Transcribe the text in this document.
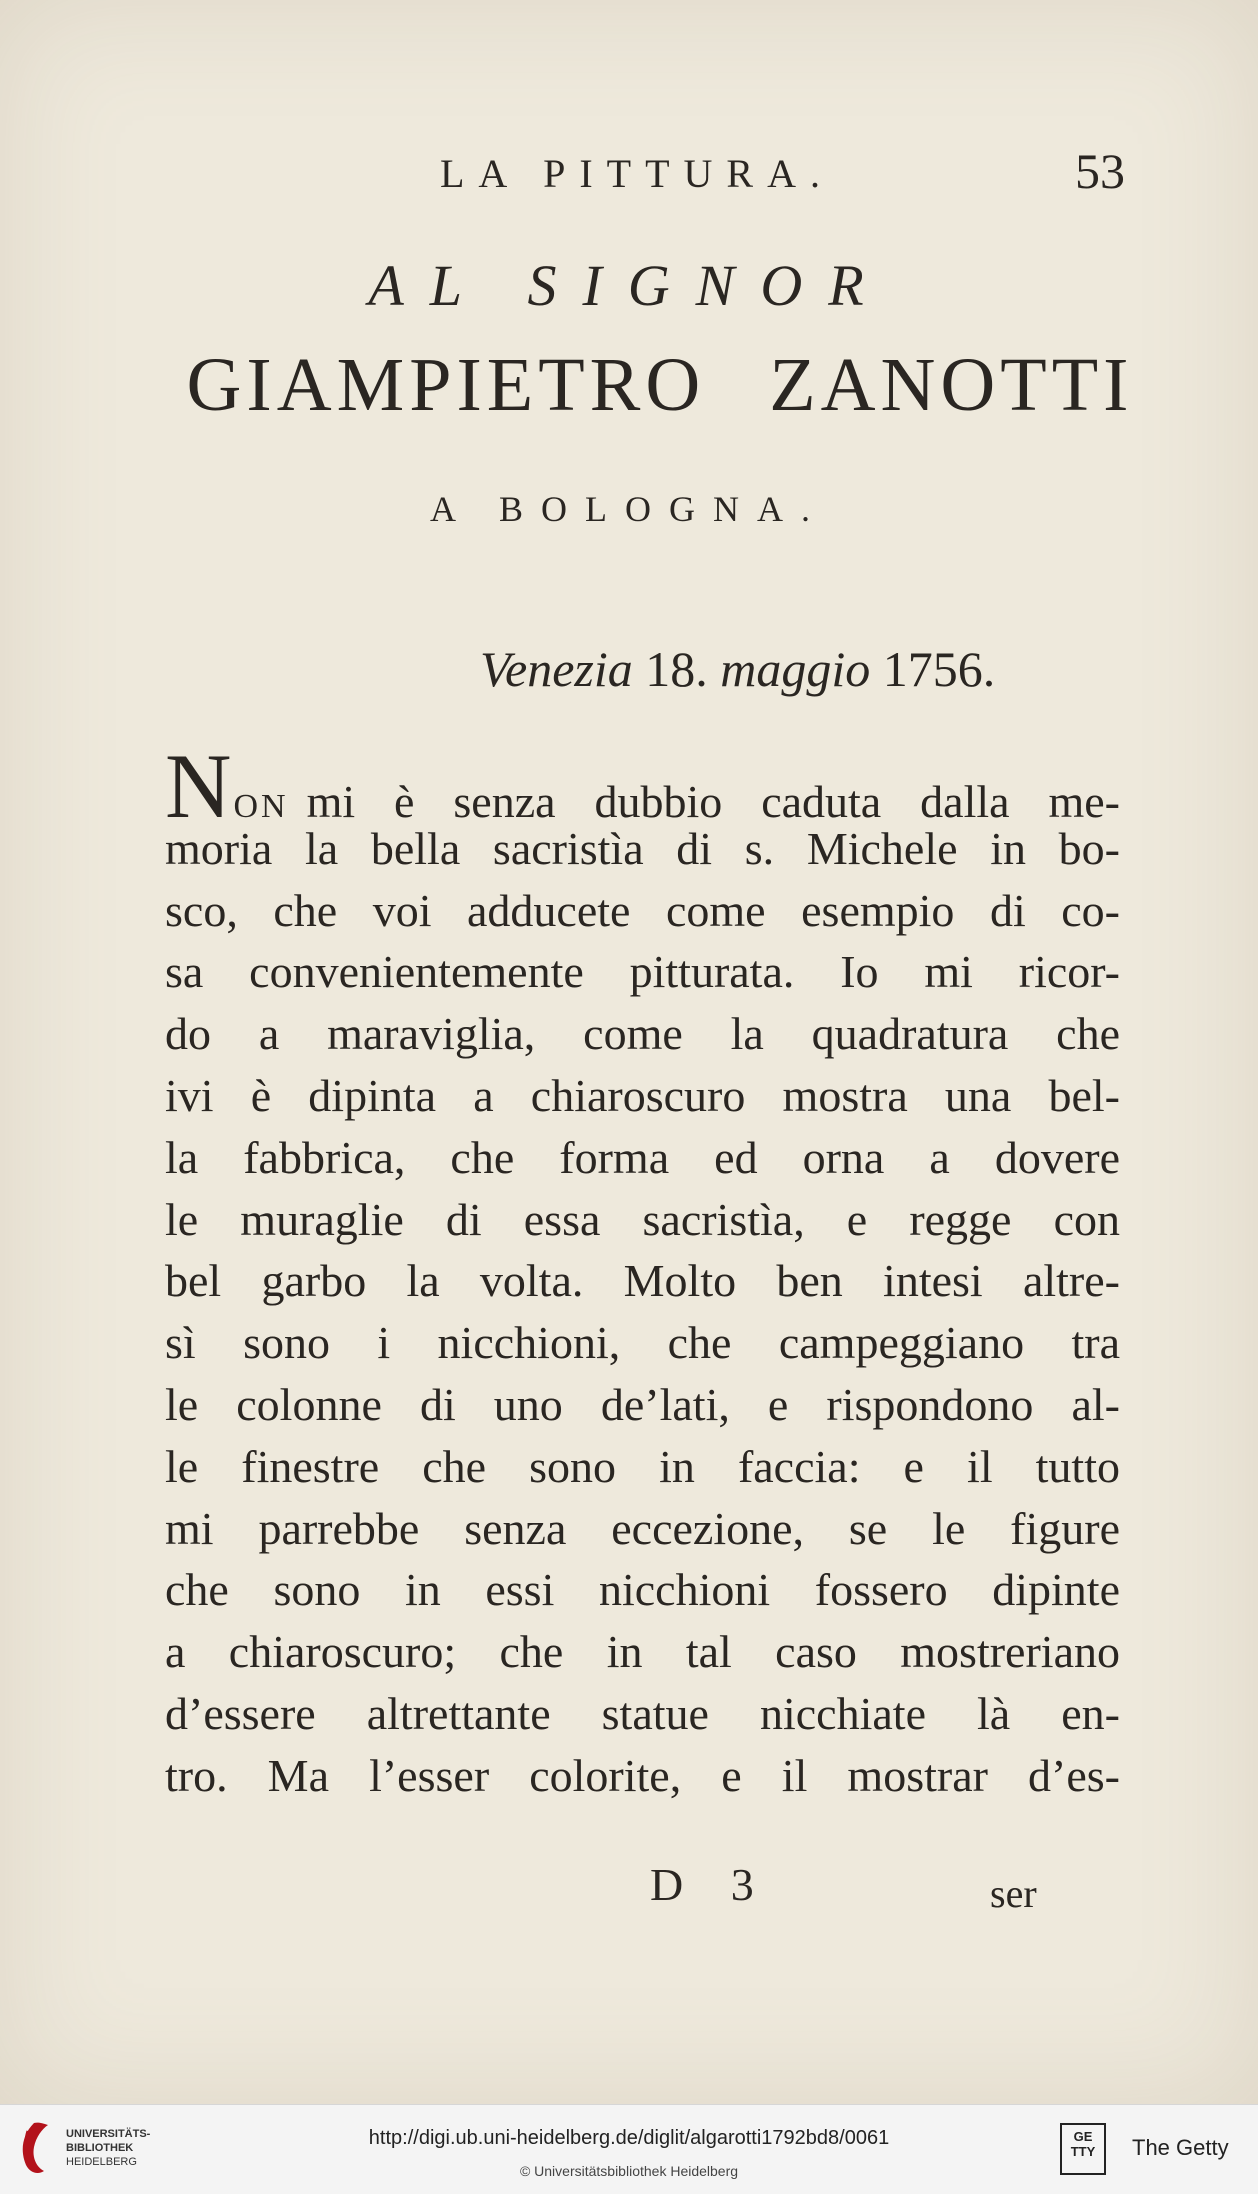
LA PITTURA.	53
AL SIGNOR
GIAMPIETRO ZANOTTI
A BOLOGNA.
Venezia 18. maggio 1756.
NON mi è senza dubbio caduta dalla me-
moria la bella sacristìa di s. Michele in bo-
sco, che voi adducete come esempio di co-
sa convenientemente pitturata. Io mi ricor-
do a maraviglia, come la quadratura che
ivi è dipinta a chiaroscuro mostra una bel-
la fabbrica, che forma ed orna a dovere
le muraglie di essa sacristìa, e regge con
bel garbo la volta. Molto ben intesi altre-
sì sono i nicchioni, che campeggiano tra
le colonne di uno de’lati, e rispondono al-
le finestre che sono in faccia: e il tutto
mi parrebbe senza eccezione, se le figure
che sono in essi nicchioni fossero dipinte
a chiaroscuro; che in tal caso mostreriano
d’essere altrettante statue nicchiate là en-
tro. Ma l’esser colorite, e il mostrar d’es-
D 3	ser
UNIVERSITÄTS-
BIBLIOTHEK
HEIDELBERG
http://digi.ub.uni-heidelberg.de/diglit/algarotti1792bd8/0061
© Universitätsbibliothek Heidelberg
GE
TTY	The Getty
